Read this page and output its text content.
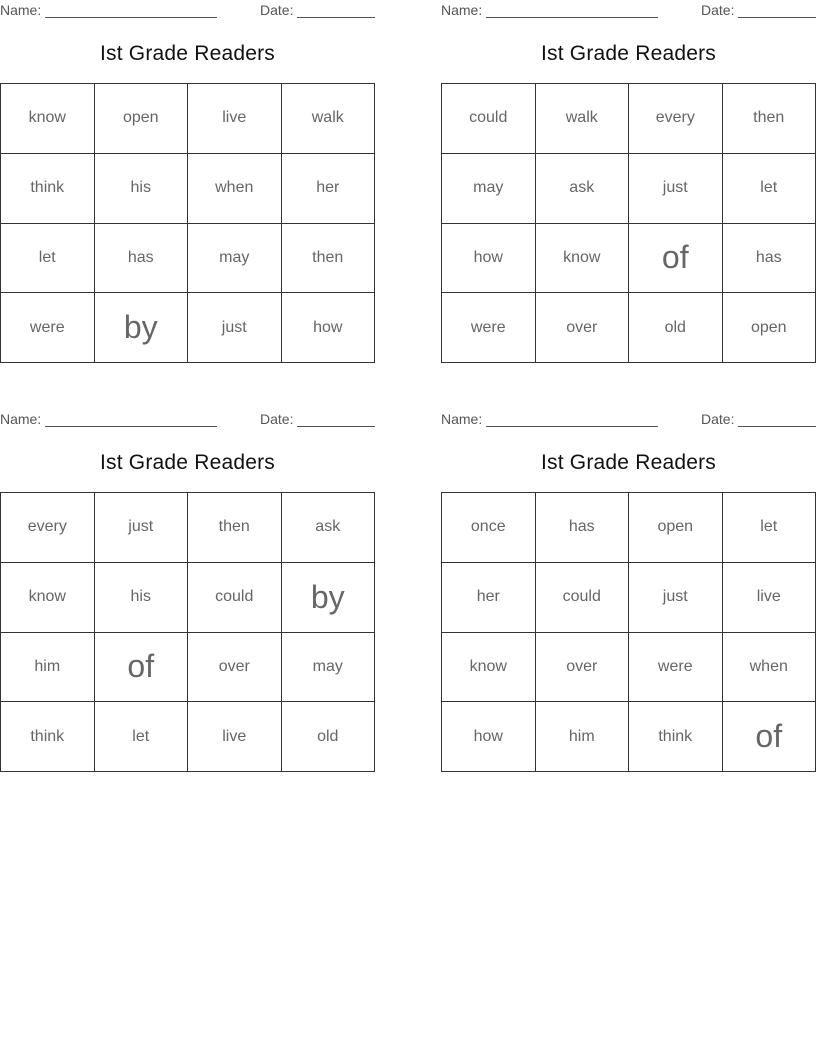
Name:	Date:
Ist Grade Readers
know	open	live	walk
think	his	when	her
let	has	may	then
were	by	just	how
Name:	Date:
Ist Grade Readers
could	walk	every	then
may	ask	just	let
how	know	of	has
were	over	old	open
Name:	Date:
Ist Grade Readers
every	just	then	ask
know	his	could	by
him	of	over	may
think	let	live	old
Name:	Date:
Ist Grade Readers
once	has	open	let
her	could	just	live
know	over	were	when
how	him	think	of
